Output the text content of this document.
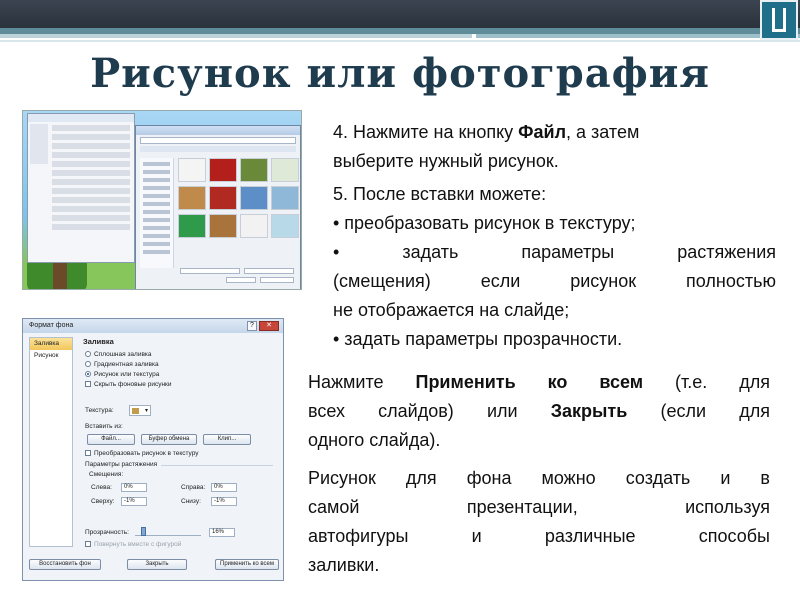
Рисунок или фотография
4. Нажмите на кнопку Файл, а затем
выберите нужный рисунок.
5. После вставки можете:
• преобразовать рисунок в текстуру;
• задать параметры растяжения
(смещения) если рисунок полностью
не отображается на слайде;
• задать параметры прозрачности.
Формат фона	?	✕
Заливка
Рисунок
Заливка
Сплошная заливка
Градиентная заливка
Рисунок или текстура
Скрыть фоновые рисунки
Текстура:	▾
Вставить из:
Файл...	Буфер обмена	Клип...
Преобразовать рисунок в текстуру
Параметры растяжения
Смещения:
Слева:	0%	Справа:	0%
Сверху:	-1%	Снизу:	-1%
Прозрачность:	16%
Повернуть вместе с фигурой
Восстановить фон	Закрыть	Применить ко всем
Нажмите Применить ко всем (т.е. для
всех слайдов) или Закрыть (если для
одного слайда).
Рисунок для фона можно создать и в
самой презентации, используя
автофигуры и различные способы
заливки.
